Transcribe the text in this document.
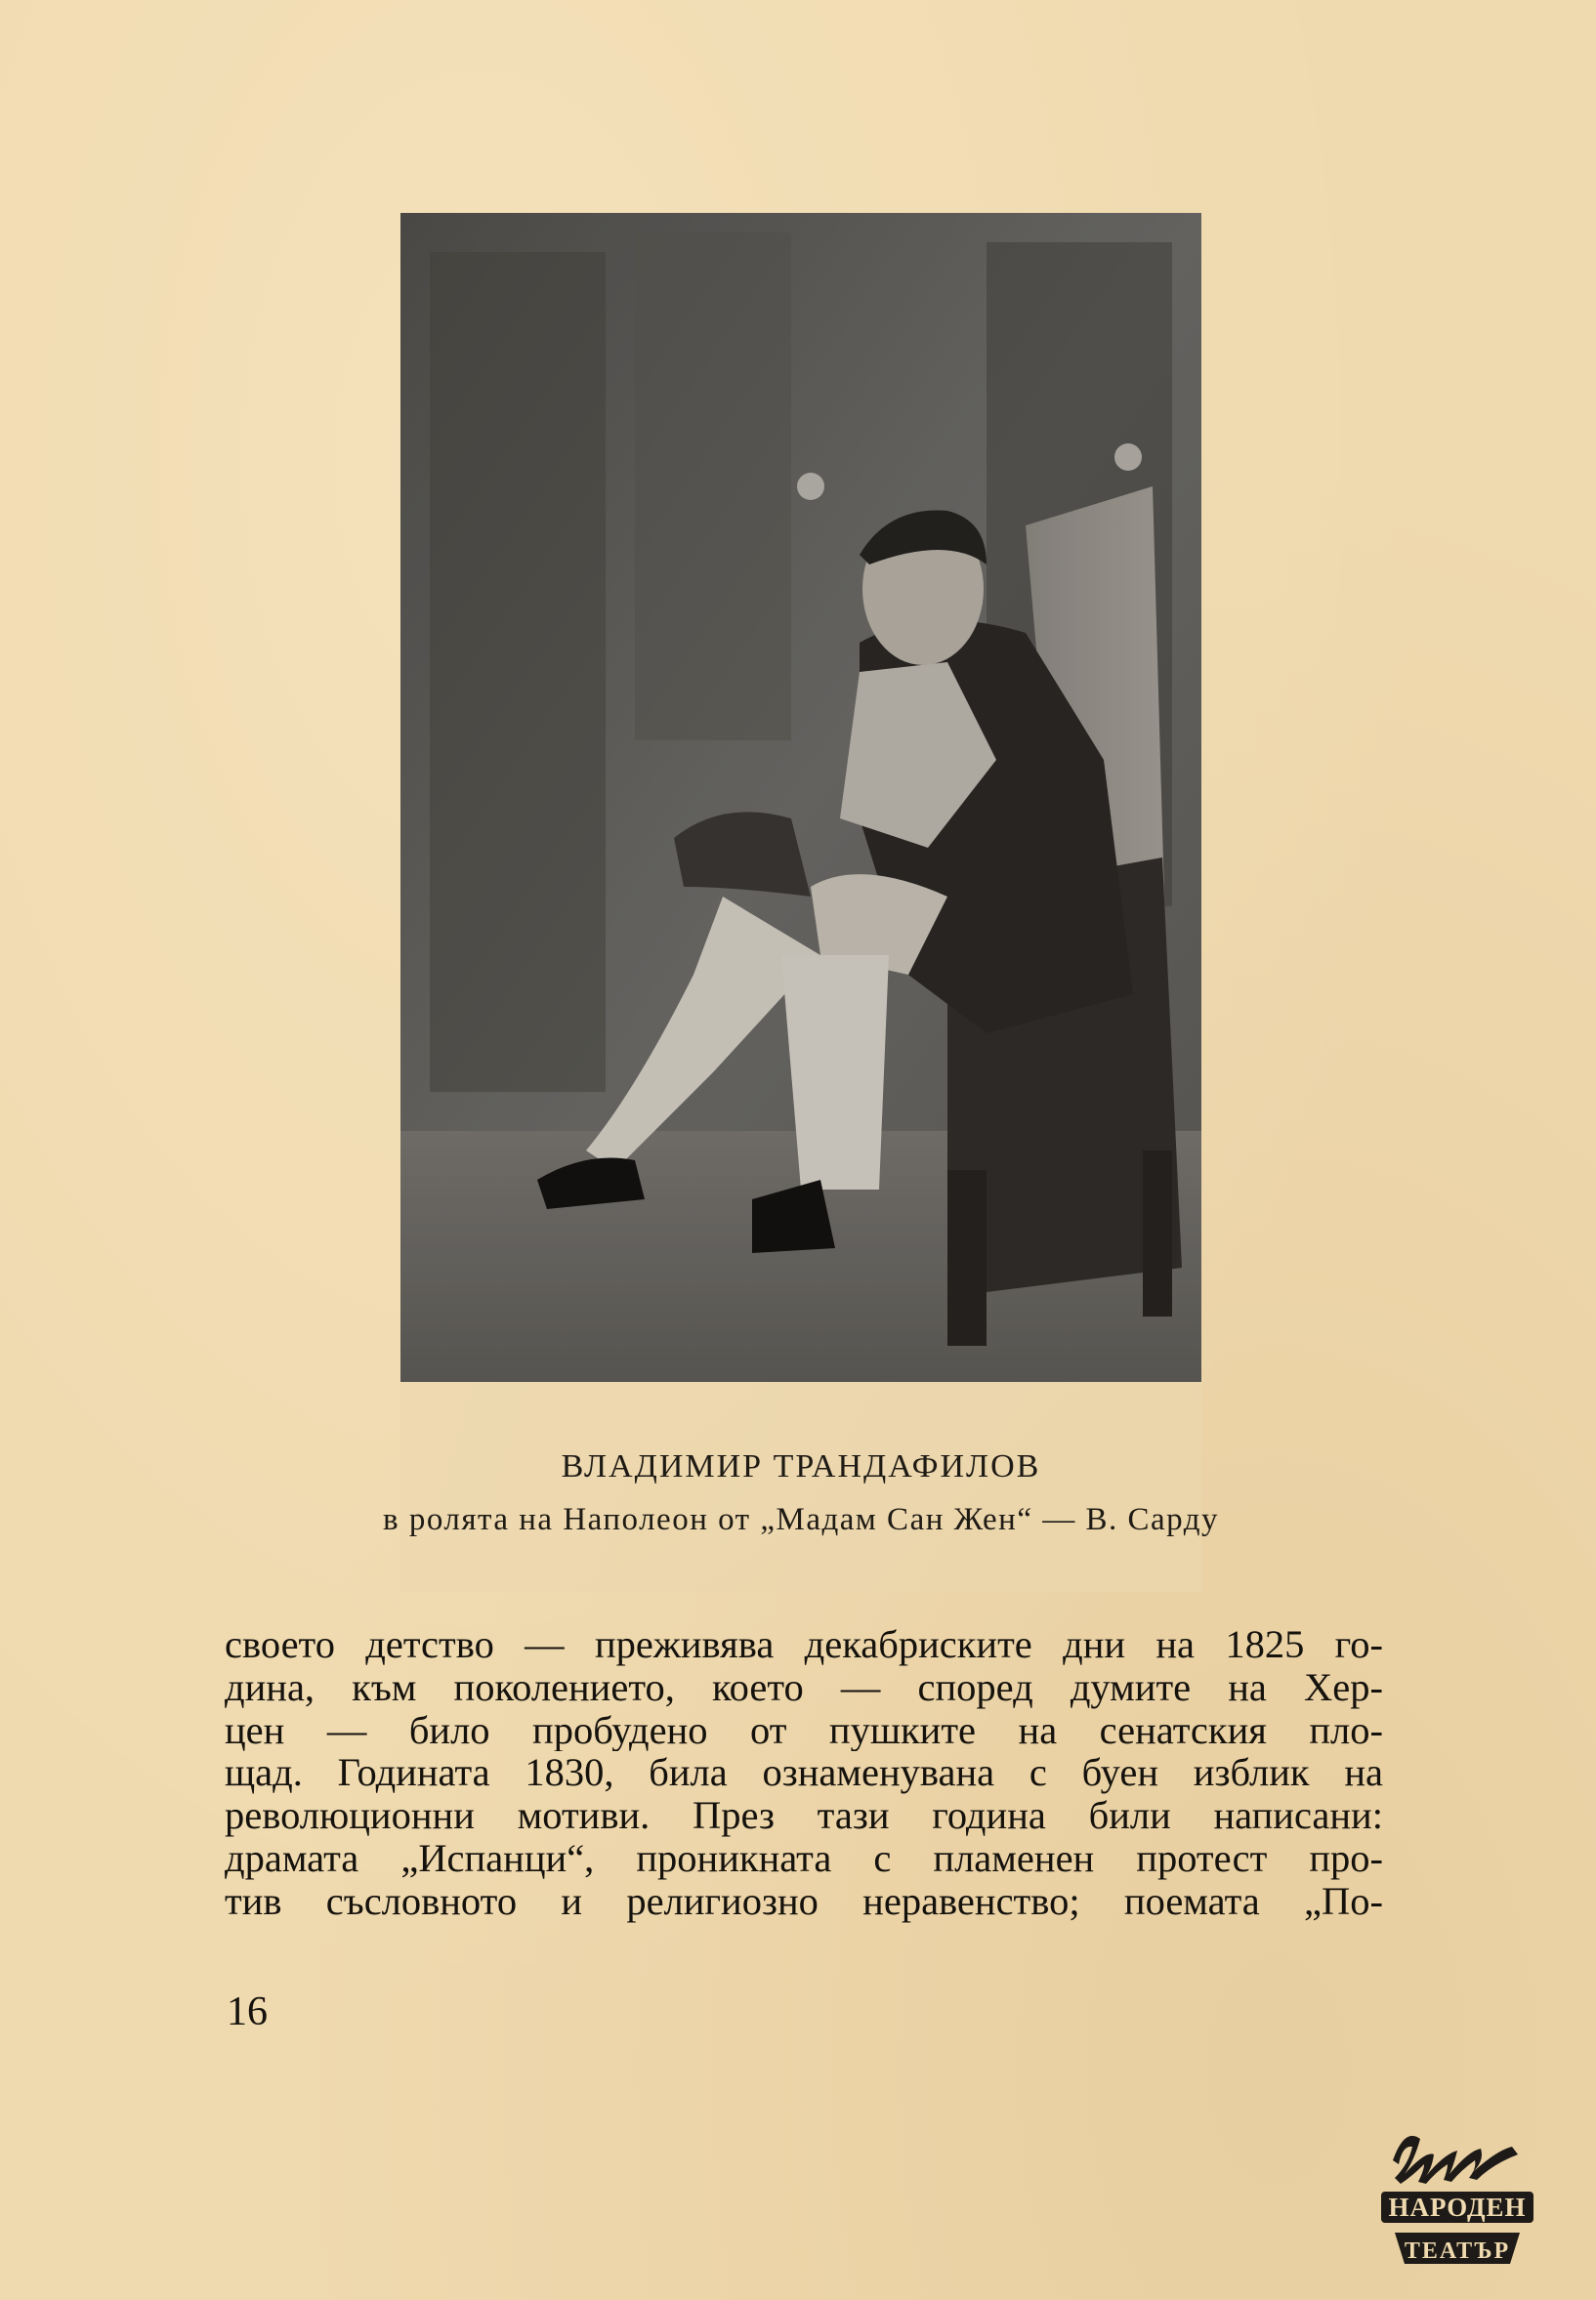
ВЛАДИМИР ТРАНДАФИЛОВ
в ролята на Наполеон от „Мадам Сан Жен“ — В. Сарду
своето детство — преживява декабриските дни на 1825 го-
дина, към поколението, което — според думите на Хер-
цен — било пробудено от пушките на сенатския пло-
щад. Годината 1830, била ознаменувана с буен изблик на
революционни мотиви. През тази година били написани:
драмата „Испанци“, проникната с пламенен протест про-
тив съсловното и религиозно неравенство; поемата „По-
16
НАРОДЕН
ТЕАТЪР
